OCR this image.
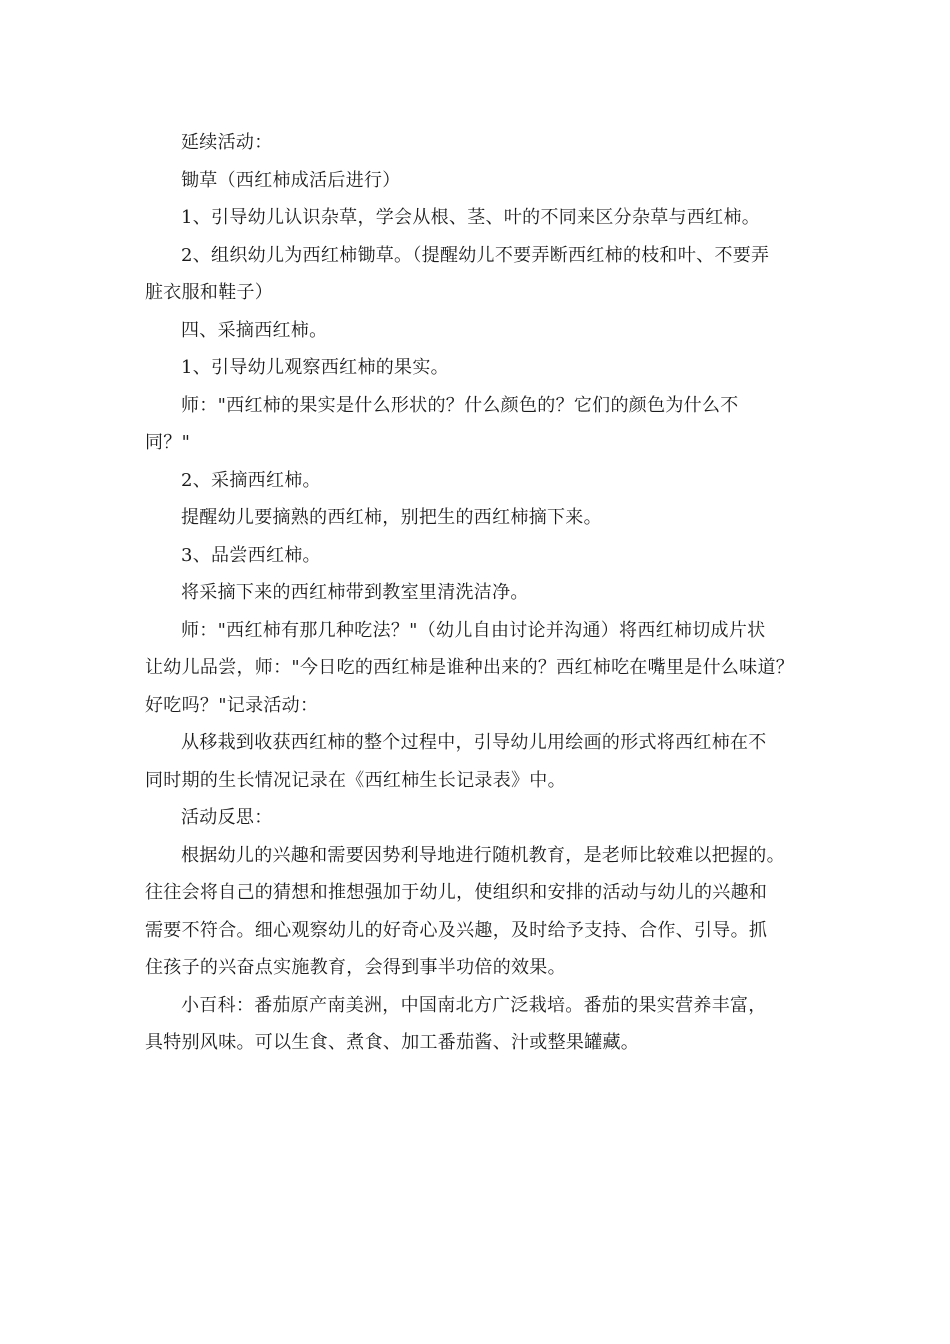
延续活动：

锄草（西红柿成活后进行）

1、引导幼儿认识杂草，学会从根、茎、叶的不同来区分杂草与西红柿。

2、组织幼儿为西红柿锄草。（提醒幼儿不要弄断西红柿的枝和叶、不要弄

脏衣服和鞋子）

四、采摘西红柿。

1、引导幼儿观察西红柿的果实。

师："西红柿的果实是什么形状的？什么颜色的？它们的颜色为什么不

同？"

2、采摘西红柿。

提醒幼儿要摘熟的西红柿，别把生的西红柿摘下来。

3、品尝西红柿。

将采摘下来的西红柿带到教室里清洗洁净。

师："西红柿有那几种吃法？"（幼儿自由讨论并沟通）将西红柿切成片状

让幼儿品尝，师："今日吃的西红柿是谁种出来的？西红柿吃在嘴里是什么味道？

好吃吗？"记录活动：

从移栽到收获西红柿的整个过程中，引导幼儿用绘画的形式将西红柿在不

同时期的生长情况记录在《西红柿生长记录表》中。

活动反思：

根据幼儿的兴趣和需要因势利导地进行随机教育，是老师比较难以把握的。

往往会将自己的猜想和推想强加于幼儿，使组织和安排的活动与幼儿的兴趣和

需要不符合。细心观察幼儿的好奇心及兴趣，及时给予支持、合作、引导。抓

住孩子的兴奋点实施教育，会得到事半功倍的效果。

小百科：番茄原产南美洲，中国南北方广泛栽培。番茄的果实营养丰富，

具特别风味。可以生食、煮食、加工番茄酱、汁或整果罐藏。
